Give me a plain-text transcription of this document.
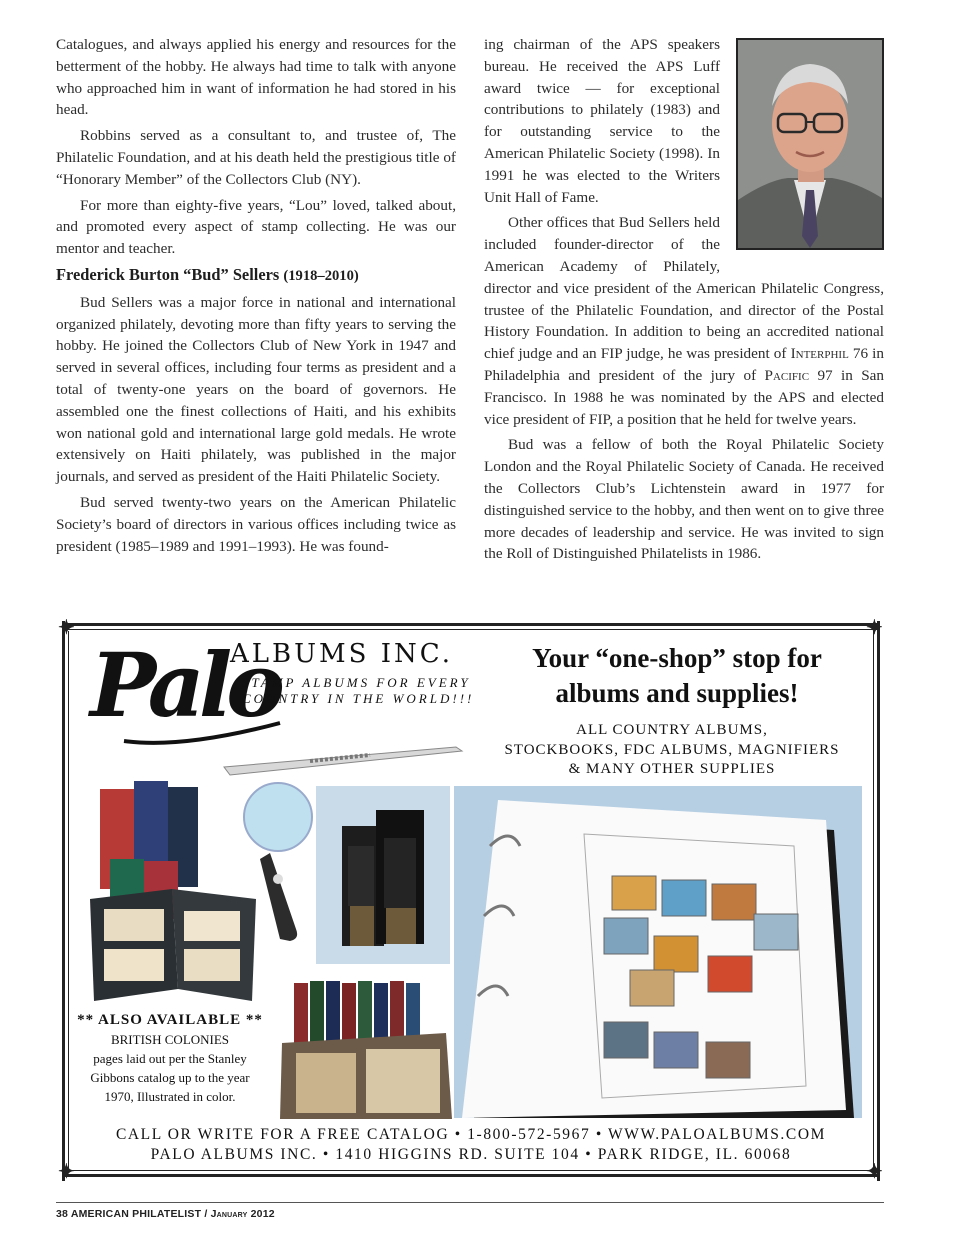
Catalogues, and always applied his energy and resources for the betterment of the hobby. He always had time to talk with anyone who approached him in want of information he had stored in his head.

Robbins served as a consultant to, and trustee of, The Philatelic Foundation, and at his death held the prestigious title of “Honorary Member” of the Collectors Club (NY).

For more than eighty-five years, “Lou” loved, talked about, and promoted every aspect of stamp collecting. He was our mentor and teacher.

Frederick Burton “Bud” Sellers (1918–2010)

Bud Sellers was a major force in national and international organized philately, devoting more than fifty years to serving the hobby. He joined the Collectors Club of New York in 1947 and served in several offices, including four terms as president and a total of twenty-one years on the board of governors. He assembled one the finest collections of Haiti, and his exhibits won national gold and international large gold medals. He wrote extensively on Haiti philately, was published in the major journals, and served as president of the Haiti Philatelic Society.

Bud served twenty-two years on the American Philatelic Society’s board of directors in various offices including twice as president (1985–1989 and 1991–1993). He was found-

ing chairman of the APS speakers bureau. He received the APS Luff award twice — for exceptional contributions to philately (1983) and for outstanding service to the American Philatelic Society (1998). In 1991 he was elected to the Writers Unit Hall of Fame.

Other offices that Bud Sellers held included founder-director of the American Academy of Philately, director and vice president of the American Philatelic Congress, trustee of the Philatelic Foundation, and director of the Postal History Foundation. In addition to being an accredited national chief judge and an FIP judge, he was president of Interphil 76 in Philadelphia and president of the jury of Pacific 97 in San Francisco. In 1988 he was nominated by the APS and elected vice president of FIP, a position that he held for twelve years.

Bud was a fellow of both the Royal Philatelic Society London and the Royal Philatelic Society of Canada. He received the Collectors Club’s Lichtenstein award in 1977 for distinguished service to the hobby, and then went on to give three more decades of leadership and service. He was invited to sign the Roll of Distinguished Philatelists in 1986.

✦	✦
✦	✦
Palo
ALBUMS INC.
STAMP ALBUMS FOR EVERY
COUNTRY IN THE WORLD!!!
Your “one-shop” stop for
albums and supplies!
ALL COUNTRY ALBUMS,
STOCKBOOKS, FDC ALBUMS, MAGNIFIERS
& MANY OTHER SUPPLIES
** ALSO AVAILABLE **
BRITISH COLONIES
pages laid out per the Stanley
Gibbons catalog up to the year
1970, Illustrated in color.
CALL OR WRITE FOR A FREE CATALOG • 1-800-572-5967 • WWW.PALOALBUMS.COM
PALO ALBUMS INC. • 1410 HIGGINS RD. SUITE 104 • PARK RIDGE, IL. 60068
38 AMERICAN PHILATELIST / January 2012
